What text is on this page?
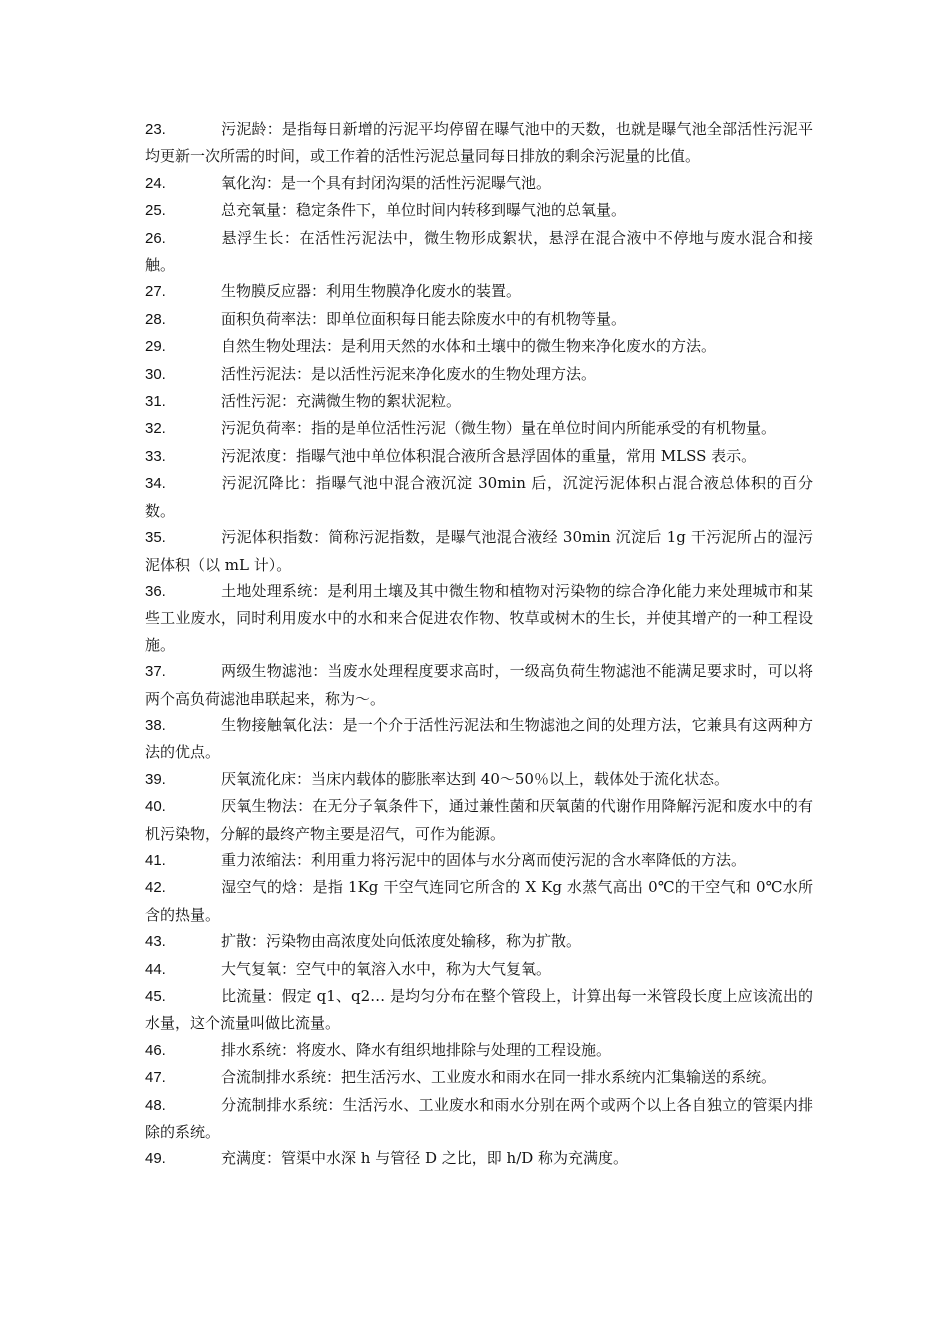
23.	污泥龄：是指每日新增的污泥平均停留在曝气池中的天数，也就是曝气池全部活性污泥平均更新一次所需的时间，或工作着的活性污泥总量同每日排放的剩余污泥量的比值。

24.	氧化沟：是一个具有封闭沟渠的活性污泥曝气池。

25.	总充氧量：稳定条件下，单位时间内转移到曝气池的总氧量。

26.	悬浮生长：在活性污泥法中，微生物形成絮状，悬浮在混合液中不停地与废水混合和接触。

27.	生物膜反应器：利用生物膜净化废水的装置。

28.	面积负荷率法：即单位面积每日能去除废水中的有机物等量。

29.	自然生物处理法：是利用天然的水体和土壤中的微生物来净化废水的方法。

30.	活性污泥法：是以活性污泥来净化废水的生物处理方法。

31.	活性污泥：充满微生物的絮状泥粒。

32.	污泥负荷率：指的是单位活性污泥（微生物）量在单位时间内所能承受的有机物量。

33.	污泥浓度：指曝气池中单位体积混合液所含悬浮固体的重量，常用 MLSS 表示。

34.	污泥沉降比：指曝气池中混合液沉淀 30min 后，沉淀污泥体积占混合液总体积的百分数。

35.	污泥体积指数：简称污泥指数，是曝气池混合液经 30min 沉淀后 1g 干污泥所占的湿污泥体积（以 mL 计）。

36.	土地处理系统：是利用土壤及其中微生物和植物对污染物的综合净化能力来处理城市和某些工业废水，同时利用废水中的水和来合促进农作物、牧草或树木的生长，并使其增产的一种工程设施。

37.	两级生物滤池：当废水处理程度要求高时，一级高负荷生物滤池不能满足要求时，可以将两个高负荷滤池串联起来，称为～。

38.	生物接触氧化法：是一个介于活性污泥法和生物滤池之间的处理方法，它兼具有这两种方法的优点。

39.	厌氧流化床：当床内载体的膨胀率达到 40～50％以上，载体处于流化状态。

40.	厌氧生物法：在无分子氧条件下，通过兼性菌和厌氧菌的代谢作用降解污泥和废水中的有机污染物，分解的最终产物主要是沼气，可作为能源。

41.	重力浓缩法：利用重力将污泥中的固体与水分离而使污泥的含水率降低的方法。

42.	湿空气的焓：是指 1Kg 干空气连同它所含的 X Kg 水蒸气高出 0℃的干空气和 0℃水所含的热量。

43.	扩散：污染物由高浓度处向低浓度处输移，称为扩散。

44.	大气复氧：空气中的氧溶入水中，称为大气复氧。

45.	比流量：假定 q1、q2… 是均匀分布在整个管段上，计算出每一米管段长度上应该流出的水量，这个流量叫做比流量。

46.	排水系统：将废水、降水有组织地排除与处理的工程设施。

47.	合流制排水系统：把生活污水、工业废水和雨水在同一排水系统内汇集输送的系统。

48.	分流制排水系统：生活污水、工业废水和雨水分别在两个或两个以上各自独立的管渠内排除的系统。

49.	充满度：管渠中水深 h 与管径 D 之比，即 h/D 称为充满度。
